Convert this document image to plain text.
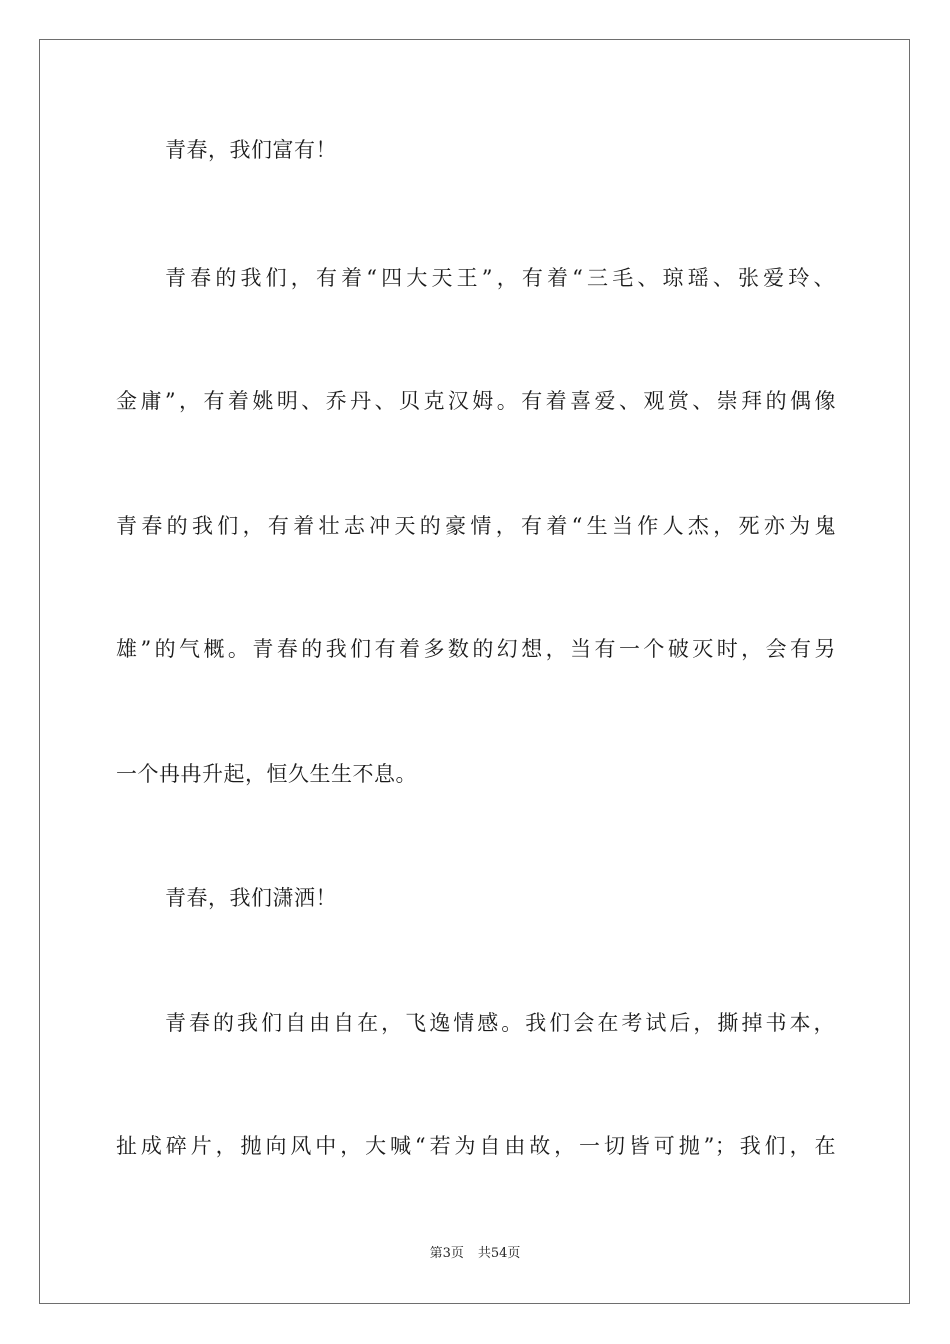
青春，我们富有！
青春的我们，有着“四大天王”，有着“三毛、琼瑶、张爱玲、
金庸”，有着姚明、乔丹、贝克汉姆。有着喜爱、观赏、崇拜的偶像
青春的我们，有着壮志冲天的豪情，有着“生当作人杰，死亦为鬼
雄”的气概。青春的我们有着多数的幻想，当有一个破灭时，会有另
一个冉冉升起，恒久生生不息。
青春，我们潇洒！
青春的我们自由自在，飞逸情感。我们会在考试后，撕掉书本，
扯成碎片，抛向风中，大喊“若为自由故，一切皆可抛”；我们，在
第3页 共54页
